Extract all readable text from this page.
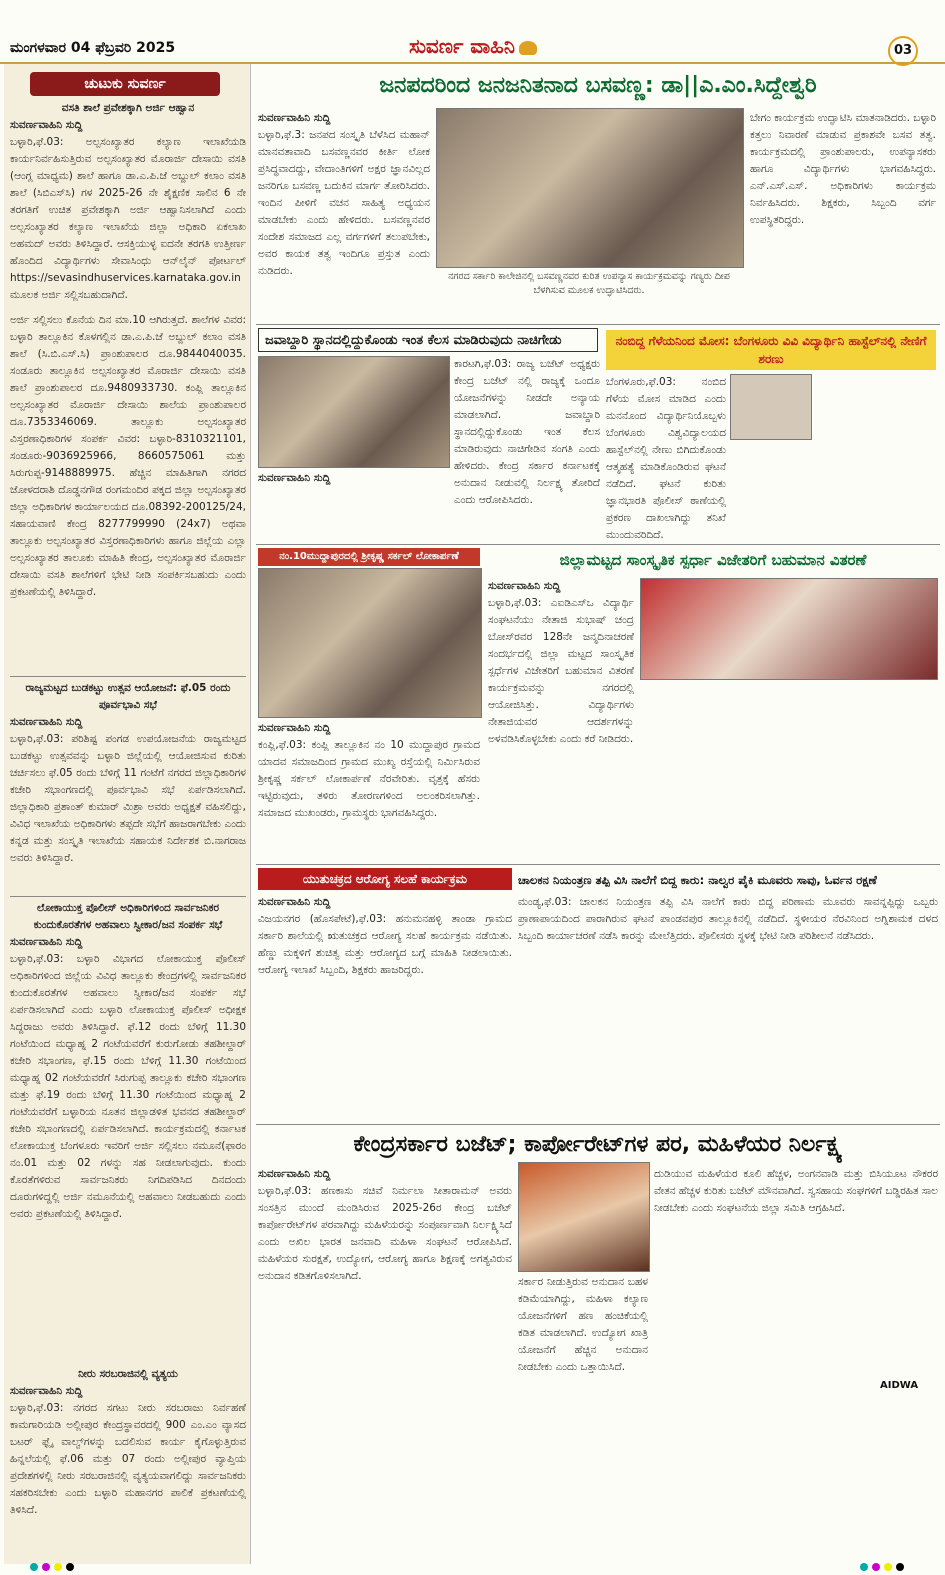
ಮಂಗಳವಾರ 04 ಫೆಬ್ರವರಿ 2025	ಸುವರ್ಣ ವಾಹಿನಿ	03
ಚುಟುಕು ಸುವರ್ಣ
ವಸತಿ ಶಾಲೆ ಪ್ರವೇಶಕ್ಕಾಗಿ ಅರ್ಜಿ ಆಹ್ವಾನ
ಸುವರ್ಣವಾಹಿನಿ ಸುದ್ದಿ

ಬಳ್ಳಾರಿ,ಫೆ.03: ಅಲ್ಪಸಂಖ್ಯಾತರ ಕಲ್ಯಾಣ ಇಲಾಖೆಯಡಿ ಕಾರ್ಯನಿರ್ವಹಿಸುತ್ತಿರುವ ಅಲ್ಪಸಂಖ್ಯಾತರ ಮೊರಾರ್ಜಿ ದೇಸಾಯಿ ವಸತಿ (ಆಂಗ್ಲ ಮಾಧ್ಯಮ) ಶಾಲೆ ಹಾಗೂ ಡಾ.ಎ.ಪಿ.ಜೆ ಅಬ್ದುಲ್ ಕಲಾಂ ವಸತಿ ಶಾಲೆ (ಸಿಬಿಎಸ್‌ಸಿ) ಗಳ 2025-26 ನೇ ಶೈಕ್ಷಣಿಕ ಸಾಲಿನ 6 ನೇ ತರಗತಿಗೆ ಉಚಿತ ಪ್ರವೇಶಕ್ಕಾಗಿ ಅರ್ಜಿ ಆಹ್ವಾನಿಸಲಾಗಿದೆ ಎಂದು ಅಲ್ಪಸಂಖ್ಯಾತರ ಕಲ್ಯಾಣ ಇಲಾಖೆಯ ಜಿಲ್ಲಾ ಅಧಿಕಾರಿ ಏಕಲಾಖ ಅಹಮದ್ ಅವರು ತಿಳಿಸಿದ್ದಾರೆ. ಆಸಕ್ತಿಯುಳ್ಳ ಐದನೇ ತರಗತಿ ಉತ್ತೀರ್ಣ ಹೊಂದಿದ ವಿದ್ಯಾರ್ಥಿಗಳು ಸೇವಾಸಿಂಧು ಆನ್‌ಲೈನ್ ಪೋರ್ಟಲ್ https://sevasindhuservices.karnataka.gov.in ಮೂಲಕ ಅರ್ಜಿ ಸಲ್ಲಿಸಬಹುದಾಗಿದೆ.

ಅರ್ಜಿ ಸಲ್ಲಿಸಲು ಕೊನೆಯ ದಿನ ಮಾ.10 ಆಗಿರುತ್ತದೆ. ಶಾಲೆಗಳ ವಿವರ: ಬಳ್ಳಾರಿ ತಾಲ್ಲೂಕಿನ ಕೊಳಗಲ್ಲಿನ ಡಾ.ಎ.ಪಿ.ಜೆ ಅಬ್ದುಲ್ ಕಲಾಂ ವಸತಿ ಶಾಲೆ (ಸಿ.ಬಿ.ಎಸ್.ಸಿ) ಪ್ರಾಂಶುಪಾಲರ ದೂ.9844040035. ಸಂಡೂರು ತಾಲ್ಲೂಕಿನ ಅಲ್ಪಸಂಖ್ಯಾತರ ಮೊರಾರ್ಜಿ ದೇಸಾಯಿ ವಸತಿ ಶಾಲೆ ಪ್ರಾಂಶುಪಾಲರ ದೂ.9480933730. ಕಂಪ್ಲಿ ತಾಲ್ಲೂಕಿನ ಅಲ್ಪಸಂಖ್ಯಾತರ ಮೊರಾರ್ಜಿ ದೇಸಾಯಿ ಶಾಲೆಯ ಪ್ರಾಂಶುಪಾಲರ ದೂ.7353346069. ತಾಲ್ಲೂಕು ಅಲ್ಪಸಂಖ್ಯಾತರ ವಿಸ್ತರಣಾಧಿಕಾರಿಗಳ ಸಂಪರ್ಕ ವಿವರ: ಬಳ್ಳಾರಿ-8310321101, ಸಂಡೂರು-9036925966, 8660575061 ಮತ್ತು ಸಿರುಗುಪ್ಪ-9148889975. ಹೆಚ್ಚಿನ ಮಾಹಿತಿಗಾಗಿ ನಗರದ ಜೋಳದರಾಶಿ ದೊಡ್ಡನಗೌಡ ರಂಗಮಂದಿರ ಪಕ್ಕದ ಜಿಲ್ಲಾ ಅಲ್ಪಸಂಖ್ಯಾತರ ಜಿಲ್ಲಾ ಅಧಿಕಾರಿಗಳ ಕಾರ್ಯಾಲಯದ ದೂ.08392-200125/24, ಸಹಾಯವಾಣಿ ಕೇಂದ್ರ 8277799990 (24x7) ಅಥವಾ ತಾಲ್ಲೂಕು ಅಲ್ಪಸಂಖ್ಯಾತರ ವಿಸ್ತರಣಾಧಿಕಾರಿಗಳು ಹಾಗೂ ಜಿಲ್ಲೆಯ ಎಲ್ಲಾ ಅಲ್ಪಸಂಖ್ಯಾತರ ತಾಲೂಕು ಮಾಹಿತಿ ಕೇಂದ್ರ, ಅಲ್ಪಸಂಖ್ಯಾತರ ಮೊರಾರ್ಜಿ ದೇಸಾಯಿ ವಸತಿ ಶಾಲೆಗಳಿಗೆ ಭೇಟಿ ನೀಡಿ ಸಂಪರ್ಕಿಸಬಹುದು ಎಂದು ಪ್ರಕಟಣೆಯಲ್ಲಿ ತಿಳಿಸಿದ್ದಾರೆ.

ರಾಜ್ಯಮಟ್ಟದ ಬುಡಕಟ್ಟು ಉತ್ಸವ ಆಯೋಜನೆ: ಫೆ.05 ರಂದು ಪೂರ್ವಭಾವಿ ಸಭೆ
ಸುವರ್ಣವಾಹಿನಿ ಸುದ್ದಿ

ಬಳ್ಳಾರಿ,ಫೆ.03: ಪರಿಶಿಷ್ಟ ಪಂಗಡ ಉಪಯೋಜನೆಯ ರಾಜ್ಯಮಟ್ಟದ ಬುಡಕಟ್ಟು ಉತ್ಸವವನ್ನು ಬಳ್ಳಾರಿ ಜಿಲ್ಲೆಯಲ್ಲಿ ಆಯೋಜಿಸುವ ಕುರಿತು ಚರ್ಚಿಸಲು ಫೆ.05 ರಂದು ಬೆಳಿಗ್ಗೆ 11 ಗಂಟೆಗೆ ನಗರದ ಜಿಲ್ಲಾಧಿಕಾರಿಗಳ ಕಚೇರಿ ಸಭಾಂಗಣದಲ್ಲಿ ಪೂರ್ವಭಾವಿ ಸಭೆ ಏರ್ಪಡಿಸಲಾಗಿದೆ. ಜಿಲ್ಲಾಧಿಕಾರಿ ಪ್ರಶಾಂತ್ ಕುಮಾರ್ ಮಿಶ್ರಾ ಅವರು ಅಧ್ಯಕ್ಷತೆ ವಹಿಸಲಿದ್ದು, ವಿವಿಧ ಇಲಾಖೆಯ ಅಧಿಕಾರಿಗಳು ತಪ್ಪದೇ ಸಭೆಗೆ ಹಾಜರಾಗಬೇಕು ಎಂದು ಕನ್ನಡ ಮತ್ತು ಸಂಸ್ಕೃತಿ ಇಲಾಖೆಯ ಸಹಾಯಕ ನಿರ್ದೇಶಕ ಬಿ.ನಾಗರಾಜ ಅವರು ತಿಳಿಸಿದ್ದಾರೆ.

ಲೋಕಾಯುಕ್ತ ಪೊಲೀಸ್ ಅಧಿಕಾರಿಗಳಿಂದ ಸಾರ್ವಜನಿಕರ ಕುಂದುಕೊರತೆಗಳ ಅಹವಾಲು ಸ್ವೀಕಾರ/ಜನ ಸಂಪರ್ಕ ಸಭೆ
ಸುವರ್ಣವಾಹಿನಿ ಸುದ್ದಿ

ಬಳ್ಳಾರಿ,ಫೆ.03: ಬಳ್ಳಾರಿ ವಿಭಾಗದ ಲೋಕಾಯುಕ್ತ ಪೊಲೀಸ್ ಅಧಿಕಾರಿಗಳಿಂದ ಜಿಲ್ಲೆಯ ವಿವಿಧ ತಾಲ್ಲೂಕು ಕೇಂದ್ರಗಳಲ್ಲಿ ಸಾರ್ವಜನಿಕರ ಕುಂದುಕೊರತೆಗಳ ಅಹವಾಲು ಸ್ವೀಕಾರ/ಜನ ಸಂಪರ್ಕ ಸಭೆ ಏರ್ಪಡಿಸಲಾಗಿದೆ ಎಂದು ಬಳ್ಳಾರಿ ಲೋಕಾಯುಕ್ತ ಪೊಲೀಸ್ ಅಧೀಕ್ಷಕ ಸಿದ್ದರಾಜು ಅವರು ತಿಳಿಸಿದ್ದಾರೆ. ಫೆ.12 ರಂದು ಬೆಳಿಗ್ಗೆ 11.30 ಗಂಟೆಯಿಂದ ಮಧ್ಯಾಹ್ನ 2 ಗಂಟೆಯವರೆಗೆ ಕುರುಗೋಡು ತಹಶೀಲ್ದಾರ್ ಕಚೇರಿ ಸಭಾಂಗಣ, ಫೆ.15 ರಂದು ಬೆಳಿಗ್ಗೆ 11.30 ಗಂಟೆಯಿಂದ ಮಧ್ಯಾಹ್ನ 02 ಗಂಟೆಯವರೆಗೆ ಸಿರುಗುಪ್ಪ ತಾಲ್ಲೂಕು ಕಚೇರಿ ಸಭಾಂಗಣ ಮತ್ತು ಫೆ.19 ರಂದು ಬೆಳಿಗ್ಗೆ 11.30 ಗಂಟೆಯಿಂದ ಮಧ್ಯಾಹ್ನ 2 ಗಂಟೆಯವರೆಗೆ ಬಳ್ಳಾರಿಯ ನೂತನ ಜಿಲ್ಲಾಡಳಿತ ಭವನದ ತಹಶೀಲ್ದಾರ್ ಕಚೇರಿ ಸಭಾಂಗಣದಲ್ಲಿ ಏರ್ಪಡಿಸಲಾಗಿದೆ. ಕಾರ್ಯಕ್ರಮದಲ್ಲಿ ಕರ್ನಾಟಕ ಲೋಕಾಯುಕ್ತ ಬೆಂಗಳೂರು ಇವರಿಗೆ ಅರ್ಜಿ ಸಲ್ಲಿಸಲು ನಮೂನೆ(ಫಾರಂ ನಂ.01 ಮತ್ತು 02 ಗಳನ್ನು ಸಹ ನೀಡಲಾಗುವುದು. ಕುಂದು ಕೊರತೆಗಳಿರುವ ಸಾರ್ವಜನಿಕರು ನಿಗದಿಪಡಿಸಿದ ದಿನದಂದು ದೂರುಗಳಿದ್ದಲ್ಲಿ ಅರ್ಜಿ ನಮೂನೆಯಲ್ಲಿ ಅಹವಾಲು ನೀಡಬಹುದು ಎಂದು ಅವರು ಪ್ರಕಟಣೆಯಲ್ಲಿ ತಿಳಿಸಿದ್ದಾರೆ.

ನೀರು ಸರಬರಾಜಿನಲ್ಲಿ ವ್ಯತ್ಯಯ
ಸುವರ್ಣವಾಹಿನಿ ಸುದ್ದಿ

ಬಳ್ಳಾರಿ,ಫೆ.03: ನಗರದ ಸಗಟು ನೀರು ಸರಬರಾಜು ನಿರ್ವಹಣೆ ಕಾಮಗಾರಿಯಡಿ ಅಲ್ಲೀಪುರ ಕೇಂದ್ರಸ್ಥಾವರದಲ್ಲಿ 900 ಎಂ.ಎಂ ವ್ಯಾಸದ ಬಟರ್ ಫ್ಲೈ ವಾಲ್ವ್‌ಗಳನ್ನು ಬದಲಿಸುವ ಕಾರ್ಯ ಕೈಗೊಳ್ಳುತ್ತಿರುವ ಹಿನ್ನಲೆಯಲ್ಲಿ ಫೆ.06 ಮತ್ತು 07 ರಂದು ಅಲ್ಲೀಪುರ ವ್ಯಾಪ್ತಿಯ ಪ್ರದೇಶಗಳಲ್ಲಿ ನೀರು ಸರಬರಾಜಿನಲ್ಲಿ ವ್ಯತ್ಯಯವಾಗಲಿದ್ದು ಸಾರ್ವಜನಿಕರು ಸಹಕರಿಸಬೇಕು ಎಂದು ಬಳ್ಳಾರಿ ಮಹಾನಗರ ಪಾಲಿಕೆ ಪ್ರಕಟಣೆಯಲ್ಲಿ ತಿಳಿಸಿದೆ.

ಜನಪದರಿಂದ ಜನಜನಿತನಾದ ಬಸವಣ್ಣ: ಡಾ||ಎ.ಎಂ.ಸಿದ್ದೇಶ್ವರಿ
ಸುವರ್ಣವಾಹಿನಿ ಸುದ್ದಿ

ಬಳ್ಳಾರಿ,ಫೆ.3: ಜನಪದ ಸಂಸ್ಕೃತಿ ಬೆಳೆಸಿದ ಮಹಾನ್ ಮಾನವತಾವಾದಿ ಬಸವಣ್ಣನವರ ಕೀರ್ತಿ ಲೋಕ ಪ್ರಸಿದ್ಧವಾದದ್ದು, ವೇದಾಂತಿಗಳಿಗೆ ಅಕ್ಷರ ಜ್ಞಾನವಿಲ್ಲದ ಜನರಿಗೂ ಬಸವಣ್ಣ ಬದುಕಿನ ಮಾರ್ಗ ತೋರಿಸಿದರು. ಇಂದಿನ ಪೀಳಿಗೆ ವಚನ ಸಾಹಿತ್ಯ ಅಧ್ಯಯನ ಮಾಡಬೇಕು ಎಂದು ಹೇಳಿದರು. ಬಸವಣ್ಣನವರ ಸಂದೇಶ ಸಮಾಜದ ಎಲ್ಲ ವರ್ಗಗಳಿಗೆ ತಲುಪಬೇಕು, ಅವರ ಕಾಯಕ ತತ್ವ ಇಂದಿಗೂ ಪ್ರಸ್ತುತ ಎಂದು ನುಡಿದರು.	ನಗರದ ಸರ್ಕಾರಿ ಕಾಲೇಜಿನಲ್ಲಿ ಬಸವಣ್ಣನವರ ಕುರಿತ ಉಪನ್ಯಾಸ ಕಾರ್ಯಕ್ರಮವನ್ನು ಗಣ್ಯರು ದೀಪ ಬೆಳಗಿಸುವ ಮೂಲಕ ಉದ್ಘಾಟಿಸಿದರು.
ಬೇಗಂ ಕಾರ್ಯಕ್ರಮ ಉದ್ಘಾಟಿಸಿ ಮಾತನಾಡಿದರು. ಬಳ್ಳಾರಿ ಕತ್ತಲು ನಿವಾರಣೆ ಮಾಡುವ ಪ್ರಕಾಶವೇ ಬಸವ ತತ್ವ. ಕಾರ್ಯಕ್ರಮದಲ್ಲಿ ಪ್ರಾಂಶುಪಾಲರು, ಉಪನ್ಯಾಸಕರು ಹಾಗೂ ವಿದ್ಯಾರ್ಥಿಗಳು ಭಾಗವಹಿಸಿದ್ದರು. ಎನ್.ಎಸ್.ಎಸ್. ಅಧಿಕಾರಿಗಳು ಕಾರ್ಯಕ್ರಮ ನಿರ್ವಹಿಸಿದರು. ಶಿಕ್ಷಕರು, ಸಿಬ್ಬಂದಿ ವರ್ಗ ಉಪಸ್ಥಿತರಿದ್ದರು.
ಜವಾಬ್ದಾರಿ ಸ್ಥಾನದಲ್ಲಿದ್ದುಕೊಂಡು ಇಂತ ಕೆಲಸ ಮಾಡಿರುವುದು ನಾಚಿಗೇಡು
ಸುವರ್ಣವಾಹಿನಿ ಸುದ್ದಿ
ಕಾರಟಗಿ,ಫೆ.03: ರಾಜ್ಯ ಬಜೆಟ್ ಅಧ್ಯಕ್ಷರು ಕೇಂದ್ರ ಬಜೆಟ್ ನಲ್ಲಿ ರಾಜ್ಯಕ್ಕೆ ಒಂದೂ ಯೋಜನೆಗಳನ್ನು ನೀಡದೇ ಅನ್ಯಾಯ ಮಾಡಲಾಗಿದೆ. ಜವಾಬ್ದಾರಿ ಸ್ಥಾನದಲ್ಲಿದ್ದುಕೊಂಡು ಇಂತ ಕೆಲಸ ಮಾಡಿರುವುದು ನಾಚಿಗೇಡಿನ ಸಂಗತಿ ಎಂದು ಹೇಳಿದರು. ಕೇಂದ್ರ ಸರ್ಕಾರ ಕರ್ನಾಟಕಕ್ಕೆ ಅನುದಾನ ನೀಡುವಲ್ಲಿ ನಿರ್ಲಕ್ಷ್ಯ ತೋರಿದೆ ಎಂದು ಆರೋಪಿಸಿದರು.
ನಂಬಿದ್ದ ಗೆಳೆಯನಿಂದ ಮೋಸ: ಬೆಂಗಳೂರು ವಿವಿ ವಿದ್ಯಾರ್ಥಿನಿ ಹಾಸ್ಟೆಲ್‌ನಲ್ಲಿ ನೇಣಿಗೆ ಶರಣು
ಬೆಂಗಳೂರು,ಫೆ.03: ನಂಬಿದ ಗೆಳೆಯ ಮೋಸ ಮಾಡಿದ ಎಂದು ಮನನೊಂದ ವಿದ್ಯಾರ್ಥಿನಿಯೊಬ್ಬಳು ಬೆಂಗಳೂರು ವಿಶ್ವವಿದ್ಯಾಲಯದ ಹಾಸ್ಟೆಲ್‌ನಲ್ಲಿ ನೇಣು ಬಿಗಿದುಕೊಂಡು ಆತ್ಮಹತ್ಯೆ ಮಾಡಿಕೊಂಡಿರುವ ಘಟನೆ ನಡೆದಿದೆ. ಘಟನೆ ಕುರಿತು ಜ್ಞಾನಭಾರತಿ ಪೊಲೀಸ್ ಠಾಣೆಯಲ್ಲಿ ಪ್ರಕರಣ ದಾಖಲಾಗಿದ್ದು ತನಿಖೆ ಮುಂದುವರಿದಿದೆ.
ನಂ.10ಮುದ್ದಾಪುರದಲ್ಲಿ ಶ್ರೀಕೃಷ್ಣ ಸರ್ಕಲ್ ಲೋಕಾರ್ಪಣೆ
ಸುವರ್ಣವಾಹಿನಿ ಸುದ್ದಿ

ಕಂಪ್ಲಿ,ಫೆ.03: ಕಂಪ್ಲಿ ತಾಲ್ಲೂಕಿನ ನಂ 10 ಮುದ್ದಾಪುರ ಗ್ರಾಮದ ಯಾದವ ಸಮಾಜದಿಂದ ಗ್ರಾಮದ ಮುಖ್ಯ ರಸ್ತೆಯಲ್ಲಿ ನಿರ್ಮಿಸಿರುವ ಶ್ರೀಕೃಷ್ಣ ಸರ್ಕಲ್ ಲೋಕಾರ್ಪಣೆ ನೆರವೇರಿತು. ವೃತ್ತಕ್ಕೆ ಹೆಸರು ಇಟ್ಟಿರುವುದು, ತಳಿರು ತೋರಣಗಳಿಂದ ಅಲಂಕರಿಸಲಾಗಿತ್ತು. ಸಮಾಜದ ಮುಖಂಡರು, ಗ್ರಾಮಸ್ಥರು ಭಾಗವಹಿಸಿದ್ದರು.

ಜಿಲ್ಲಾಮಟ್ಟದ ಸಾಂಸ್ಕೃತಿಕ ಸ್ಪರ್ಧಾ ವಿಜೇತರಿಗೆ ಬಹುಮಾನ ವಿತರಣೆ
ಸುವರ್ಣವಾಹಿನಿ ಸುದ್ದಿ

ಬಳ್ಳಾರಿ,ಫೆ.03: ಎಐಡಿಎಸ್‌ಒ ವಿದ್ಯಾರ್ಥಿ ಸಂಘಟನೆಯು ನೇತಾಜಿ ಸುಭಾಷ್ ಚಂದ್ರ ಬೋಸ್‌ರವರ 128ನೇ ಜನ್ಮದಿನಾಚರಣೆ ಸಂದರ್ಭದಲ್ಲಿ ಜಿಲ್ಲಾ ಮಟ್ಟದ ಸಾಂಸ್ಕೃತಿಕ ಸ್ಪರ್ಧೆಗಳ ವಿಜೇತರಿಗೆ ಬಹುಮಾನ ವಿತರಣೆ ಕಾರ್ಯಕ್ರಮವನ್ನು ನಗರದಲ್ಲಿ ಆಯೋಜಿಸಿತ್ತು. ವಿದ್ಯಾರ್ಥಿಗಳು ನೇತಾಜಿಯವರ ಆದರ್ಶಗಳನ್ನು ಅಳವಡಿಸಿಕೊಳ್ಳಬೇಕು ಎಂದು ಕರೆ ನೀಡಿದರು.

ಯುತುಚಕ್ರದ ಆರೋಗ್ಯ ಸಲಹೆ ಕಾರ್ಯಕ್ರಮ
ಸುವರ್ಣವಾಹಿನಿ ಸುದ್ದಿ

ವಿಜಯನಗರ (ಹೊಸಪೇಟೆ),ಫೆ.03: ಹನುಮನಹಳ್ಳಿ ತಾಂಡಾ ಗ್ರಾಮದ ಸರ್ಕಾರಿ ಶಾಲೆಯಲ್ಲಿ ಋತುಚಕ್ರದ ಆರೋಗ್ಯ ಸಲಹೆ ಕಾರ್ಯಕ್ರಮ ನಡೆಯಿತು. ಹೆಣ್ಣು ಮಕ್ಕಳಿಗೆ ಶುಚಿತ್ವ ಮತ್ತು ಆರೋಗ್ಯದ ಬಗ್ಗೆ ಮಾಹಿತಿ ನೀಡಲಾಯಿತು. ಆರೋಗ್ಯ ಇಲಾಖೆ ಸಿಬ್ಬಂದಿ, ಶಿಕ್ಷಕರು ಹಾಜರಿದ್ದರು.

ಚಾಲಕನ ನಿಯಂತ್ರಣ ತಪ್ಪಿ ವಿಸಿ ನಾಲೆಗೆ ಬಿದ್ದ ಕಾರು: ನಾಲ್ವರ ಪೈಕಿ ಮೂವರು ಸಾವು, ಓರ್ವನ ರಕ್ಷಣೆ
ಮಂಡ್ಯ,ಫೆ.03: ಚಾಲಕನ ನಿಯಂತ್ರಣ ತಪ್ಪಿ ವಿಸಿ ನಾಲೆಗೆ ಕಾರು ಬಿದ್ದ ಪರಿಣಾಮ ಮೂವರು ಸಾವನ್ನಪ್ಪಿದ್ದು ಒಬ್ಬರು ಪ್ರಾಣಾಪಾಯದಿಂದ ಪಾರಾಗಿರುವ ಘಟನೆ ಪಾಂಡವಪುರ ತಾಲ್ಲೂಕಿನಲ್ಲಿ ನಡೆದಿದೆ. ಸ್ಥಳೀಯರ ನೆರವಿನಿಂದ ಅಗ್ನಿಶಾಮಕ ದಳದ ಸಿಬ್ಬಂದಿ ಕಾರ್ಯಾಚರಣೆ ನಡೆಸಿ ಕಾರನ್ನು ಮೇಲೆತ್ತಿದರು. ಪೊಲೀಸರು ಸ್ಥಳಕ್ಕೆ ಭೇಟಿ ನೀಡಿ ಪರಿಶೀಲನೆ ನಡೆಸಿದರು.
ಕೇಂದ್ರಸರ್ಕಾರ ಬಜೆಟ್; ಕಾರ್ಪೋರೇಟ್‌ಗಳ ಪರ, ಮಹಿಳೆಯರ ನಿರ್ಲಕ್ಷ್ಯ
ಸುವರ್ಣವಾಹಿನಿ ಸುದ್ದಿ

ಬಳ್ಳಾರಿ,ಫೆ.03: ಹಣಕಾಸು ಸಚಿವೆ ನಿರ್ಮಲಾ ಸೀತಾರಾಮನ್ ಅವರು ಸಂಸತ್ತಿನ ಮುಂದೆ ಮಂಡಿಸಿರುವ 2025-26ರ ಕೇಂದ್ರ ಬಜೆಟ್ ಕಾರ್ಪೋರೇಟ್‌ಗಳ ಪರವಾಗಿದ್ದು ಮಹಿಳೆಯರನ್ನು ಸಂಪೂರ್ಣವಾಗಿ ನಿರ್ಲಕ್ಷ್ಯಿಸಿದೆ ಎಂದು ಅಖಿಲ ಭಾರತ ಜನವಾದಿ ಮಹಿಳಾ ಸಂಘಟನೆ ಆರೋಪಿಸಿದೆ. ಮಹಿಳೆಯರ ಸುರಕ್ಷತೆ, ಉದ್ಯೋಗ, ಆರೋಗ್ಯ ಹಾಗೂ ಶಿಕ್ಷಣಕ್ಕೆ ಅಗತ್ಯವಿರುವ ಅನುದಾನ ಕಡಿತಗೊಳಿಸಲಾಗಿದೆ.	ಸರ್ಕಾರ ನೀಡುತ್ತಿರುವ ಅನುದಾನ ಬಹಳ ಕಡಿಮೆಯಾಗಿದ್ದು, ಮಹಿಳಾ ಕಲ್ಯಾಣ ಯೋಜನೆಗಳಿಗೆ ಹಣ ಹಂಚಿಕೆಯಲ್ಲಿ ಕಡಿತ ಮಾಡಲಾಗಿದೆ. ಉದ್ಯೋಗ ಖಾತ್ರಿ ಯೋಜನೆಗೆ ಹೆಚ್ಚಿನ ಅನುದಾನ ನೀಡಬೇಕು ಎಂದು ಒತ್ತಾಯಿಸಿದೆ.
ದುಡಿಯುವ ಮಹಿಳೆಯರ ಕೂಲಿ ಹೆಚ್ಚಳ, ಅಂಗನವಾಡಿ ಮತ್ತು ಬಿಸಿಯೂಟ ನೌಕರರ ವೇತನ ಹೆಚ್ಚಳ ಕುರಿತು ಬಜೆಟ್ ಮೌನವಾಗಿದೆ. ಸ್ವಸಹಾಯ ಸಂಘಗಳಿಗೆ ಬಡ್ಡಿರಹಿತ ಸಾಲ ನೀಡಬೇಕು ಎಂದು ಸಂಘಟನೆಯ ಜಿಲ್ಲಾ ಸಮಿತಿ ಆಗ್ರಹಿಸಿದೆ.
AIDWA
